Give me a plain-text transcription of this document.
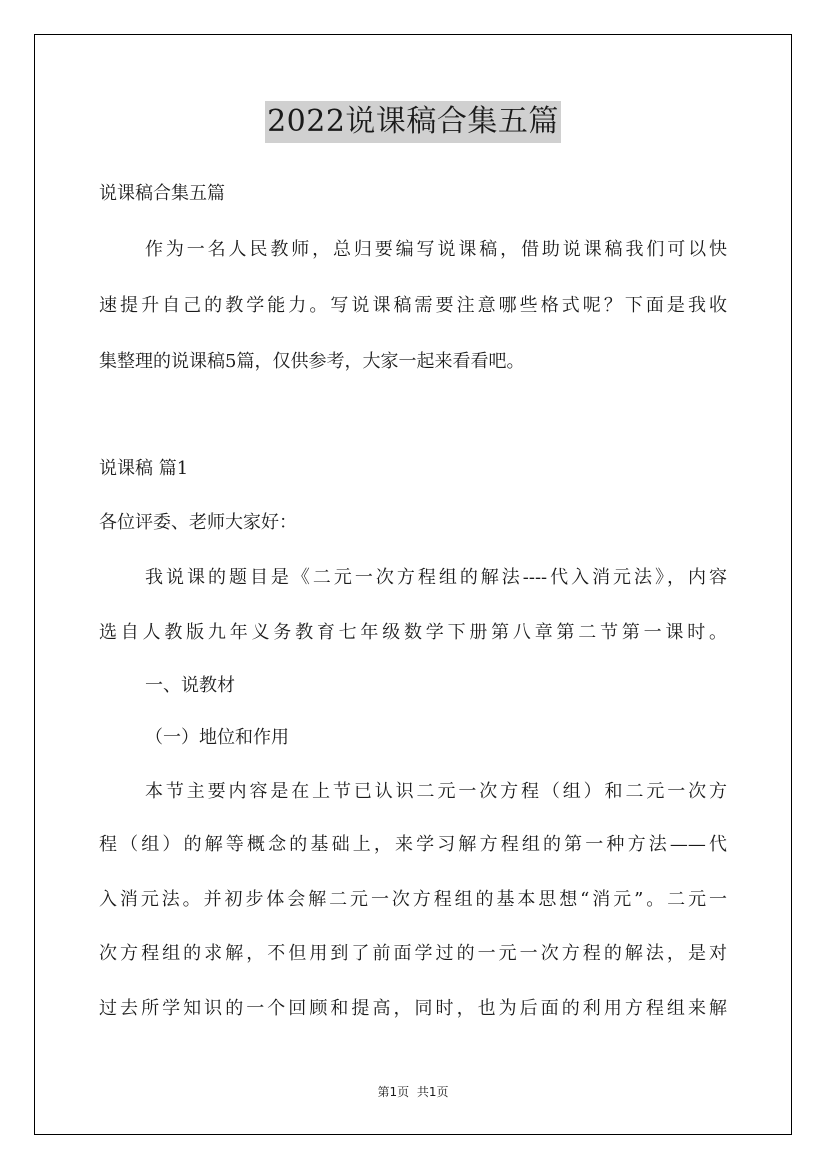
2022说课稿合集五篇
说课稿合集五篇
作为一名人民教师，总归要编写说课稿，借助说课稿我们可以快
速提升自己的教学能力。写说课稿需要注意哪些格式呢？下面是我收
集整理的说课稿5篇，仅供参考，大家一起来看看吧。
说课稿 篇1
各位评委、老师大家好：
我说课的题目是《二元一次方程组的解法----代入消元法》，内容
选自人教版九年义务教育七年级数学下册第八章第二节第一课时。
一、说教材
（一）地位和作用
本节主要内容是在上节已认识二元一次方程（组）和二元一次方
程（组）的解等概念的基础上，来学习解方程组的第一种方法——代
入消元法。并初步体会解二元一次方程组的基本思想“消元”。二元一
次方程组的求解，不但用到了前面学过的一元一次方程的解法，是对
过去所学知识的一个回顾和提高，同时，也为后面的利用方程组来解
第1页 共1页
